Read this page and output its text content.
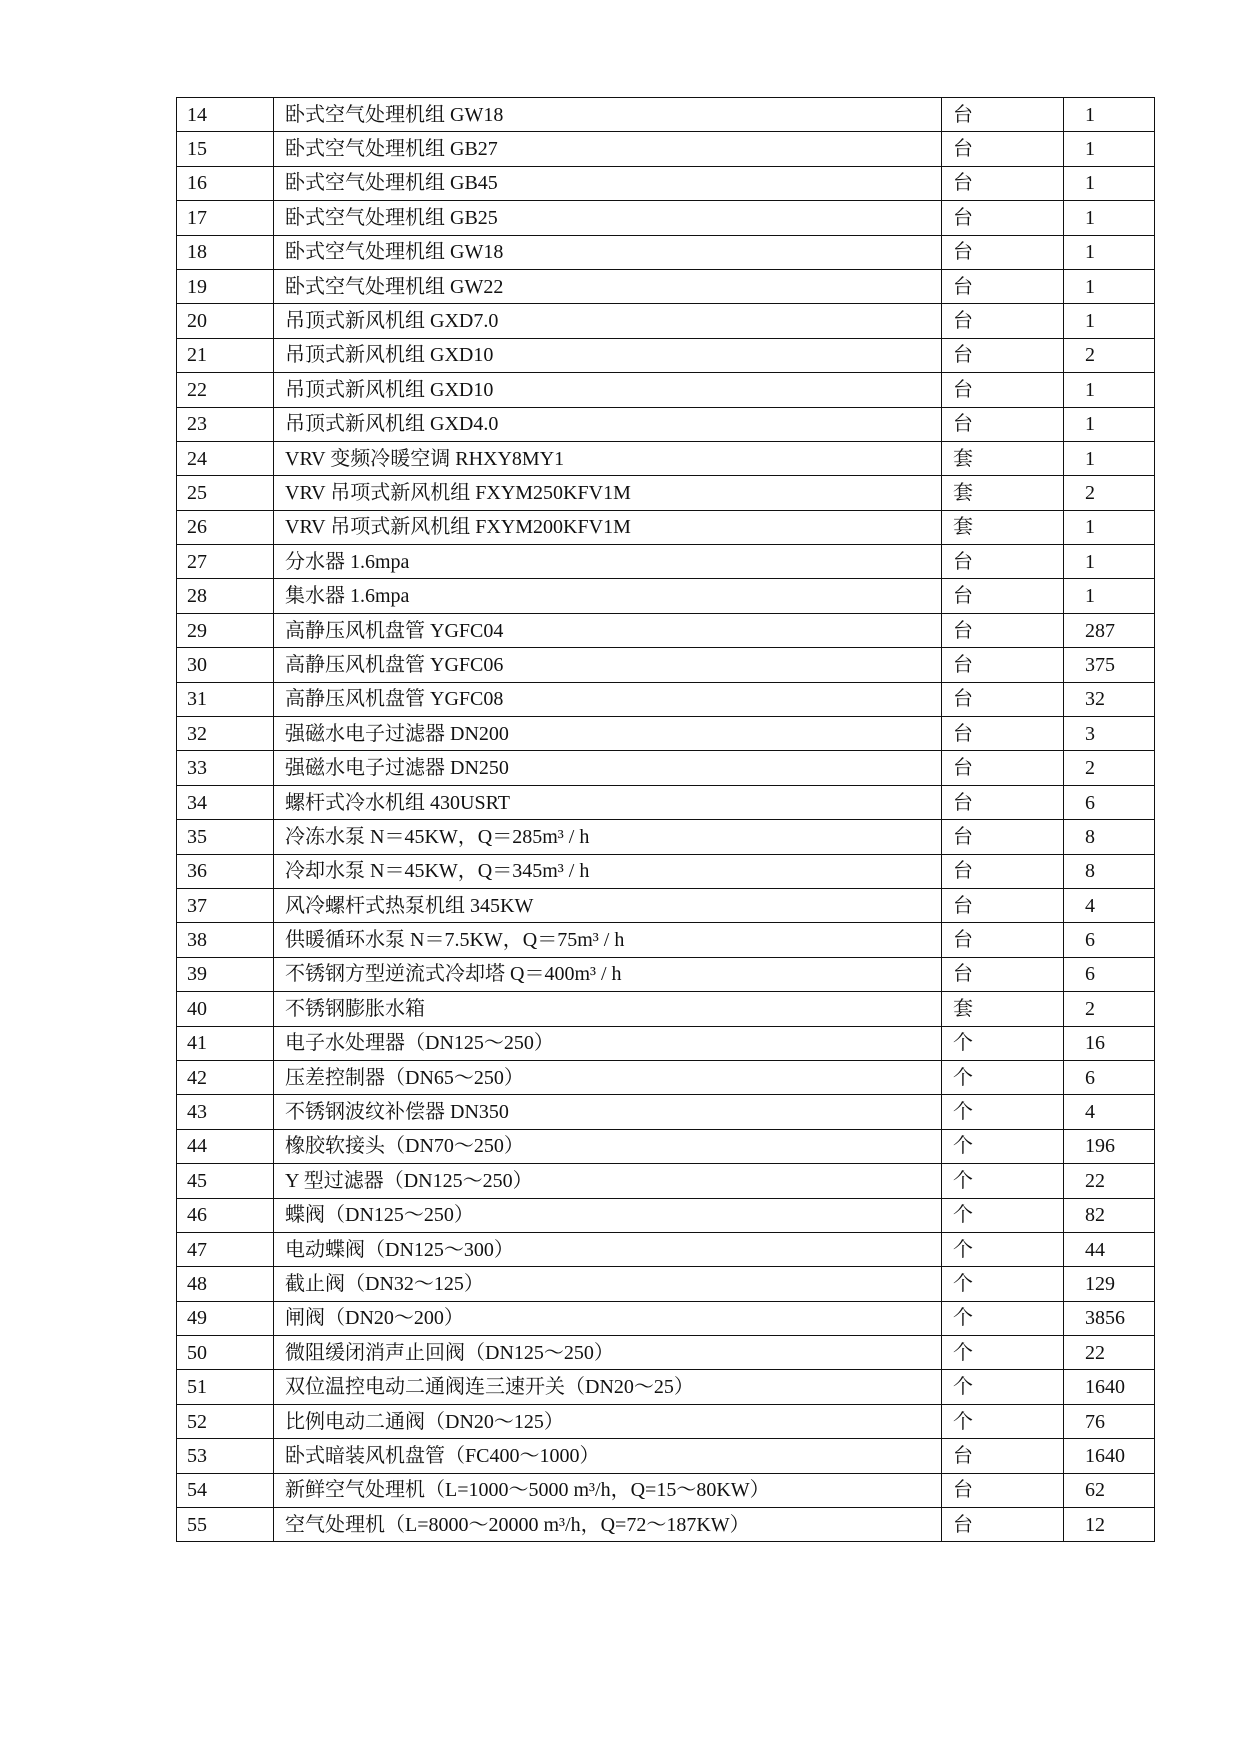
14	卧式空气处理机组 GW18	台	1
15	卧式空气处理机组 GB27	台	1
16	卧式空气处理机组 GB45	台	1
17	卧式空气处理机组 GB25	台	1
18	卧式空气处理机组 GW18	台	1
19	卧式空气处理机组 GW22	台	1
20	吊顶式新风机组 GXD7.0	台	1
21	吊顶式新风机组 GXD10	台	2
22	吊顶式新风机组 GXD10	台	1
23	吊顶式新风机组 GXD4.0	台	1
24	VRV 变频冷暖空调 RHXY8MY1	套	1
25	VRV 吊项式新风机组 FXYM250KFV1M	套	2
26	VRV 吊项式新风机组 FXYM200KFV1M	套	1
27	分水器 1.6mpa	台	1
28	集水器 1.6mpa	台	1
29	高静压风机盘管 YGFC04	台	287
30	高静压风机盘管 YGFC06	台	375
31	高静压风机盘管 YGFC08	台	32
32	强磁水电子过滤器 DN200	台	3
33	强磁水电子过滤器 DN250	台	2
34	螺杆式冷水机组 430USRT	台	6
35	冷冻水泵 N＝45KW，Q＝285m³ / h	台	8
36	冷却水泵 N＝45KW，Q＝345m³ / h	台	8
37	风冷螺杆式热泵机组 345KW	台	4
38	供暖循环水泵 N＝7.5KW，Q＝75m³ / h	台	6
39	不锈钢方型逆流式冷却塔 Q＝400m³ / h	台	6
40	不锈钢膨胀水箱	套	2
41	电子水处理器（DN125～250）	个	16
42	压差控制器（DN65～250）	个	6
43	不锈钢波纹补偿器 DN350	个	4
44	橡胶软接头（DN70～250）	个	196
45	Y 型过滤器（DN125～250）	个	22
46	蝶阀（DN125～250）	个	82
47	电动蝶阀（DN125～300）	个	44
48	截止阀（DN32～125）	个	129
49	闸阀（DN20～200）	个	3856
50	微阻缓闭消声止回阀（DN125～250）	个	22
51	双位温控电动二通阀连三速开关（DN20～25）	个	1640
52	比例电动二通阀（DN20～125）	个	76
53	卧式暗装风机盘管（FC400～1000）	台	1640
54	新鲜空气处理机（L=1000～5000 m³/h，Q=15～80KW）	台	62
55	空气处理机（L=8000～20000 m³/h，Q=72～187KW）	台	12
